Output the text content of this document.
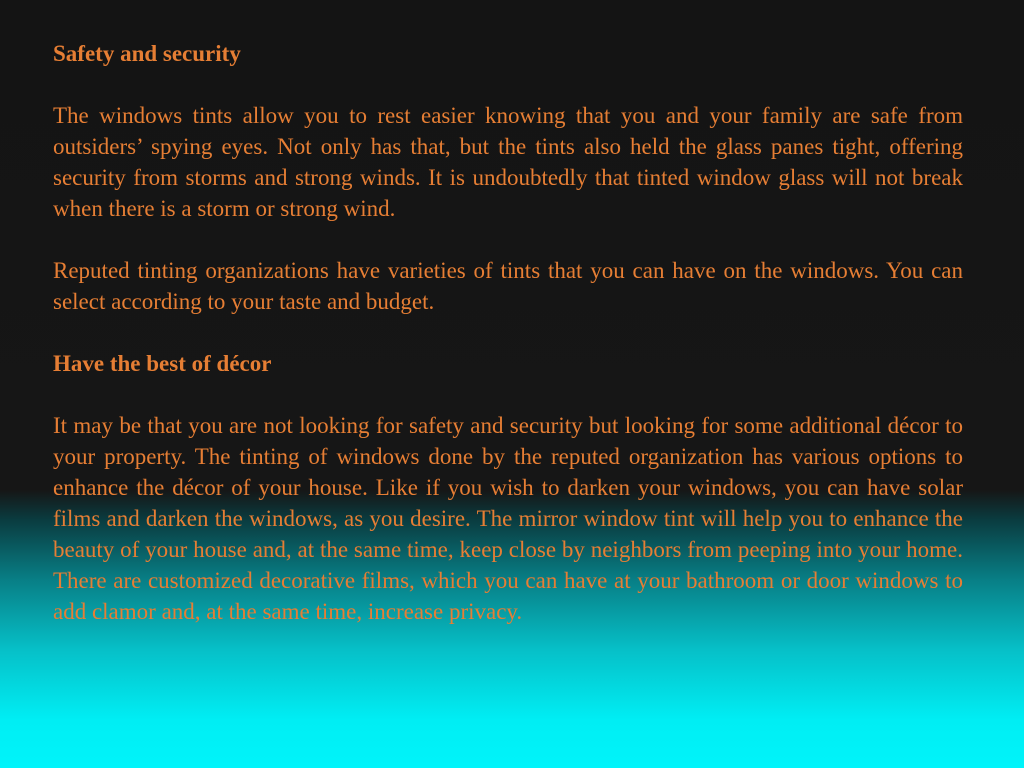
Safety and security

The windows tints allow you to rest easier knowing that you and your family are safe from outsiders’ spying eyes. Not only has that, but the tints also held the glass panes tight, offering security from storms and strong winds. It is undoubtedly that tinted window glass will not break when there is a storm or strong wind.

Reputed tinting organizations have varieties of tints that you can have on the windows. You can select according to your taste and budget.

Have the best of décor

It may be that you are not looking for safety and security but looking for some additional décor to your property. The tinting of windows done by the reputed organization has various options to enhance the décor of your house. Like if you wish to darken your windows, you can have solar films and darken the windows, as you desire. The mirror window tint will help you to enhance the beauty of your house and, at the same time, keep close by neighbors from peeping into your home. There are customized decorative films, which you can have at your bathroom or door windows to add clamor and, at the same time, increase privacy.
